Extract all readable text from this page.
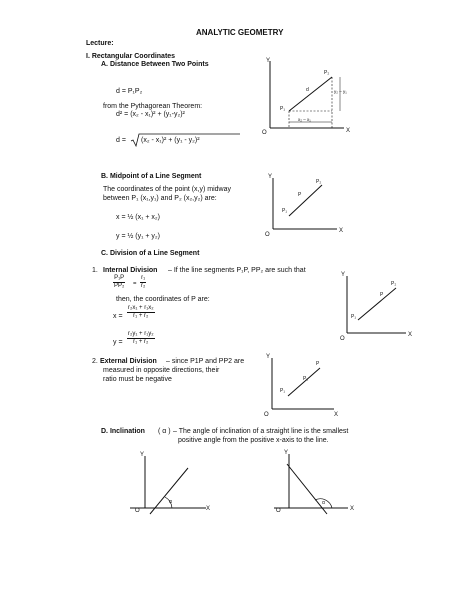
ANALYTIC GEOMETRY
Lecture:
I. Rectangular Coordinates
A. Distance Between Two Points
d = P₁P₂
from the Pythagorean Theorem:
d² = (x₂ - x₁)² + (y₁-y₂)²
d = (x₂ - x₁)² + (y₁ - y₂)²
Y
X
O
P₁
P₂
d	y₂ – y₁
x₂ – x₁
B. Midpoint of a Line Segment
The coordinates of the point (x,y) midway
between P₁ (x₁,y₁) and P₂ (x₂,y₂) are:
x = ½ (x₁ + x₂)
y = ½ (y₁ + y₂)
Y
X
O
P₁
P
P₂
C. Division of a Line Segment
1. Internal Division – If the line segments P₁P, PP₂ are such that
$\frac{\text{P₁P}}{\text{PP₂}} = \frac{\text{r₁}}{\text{r₂}}$
then, the coordinates of P are:
$x = \frac{\text{r₂x₁ + r₁x₂}}{\text{r₁ + r₂}}$
$y = \frac{\text{r₂y₁ + r₁y₂}}{\text{r₁ + r₂}}$
Y
X
O
P₁
P
P₂
2. External Division – since P1P and PP2 are
measured in opposite directions, their
ratio must be negative
Y
X
O
P₁
P₂
P
D. Inclination ( α ) – The angle of inclination of a straight line is the smallest
positive angle from the positive x-axis to the line.
Y
X
O
α
Y
X
O
α
